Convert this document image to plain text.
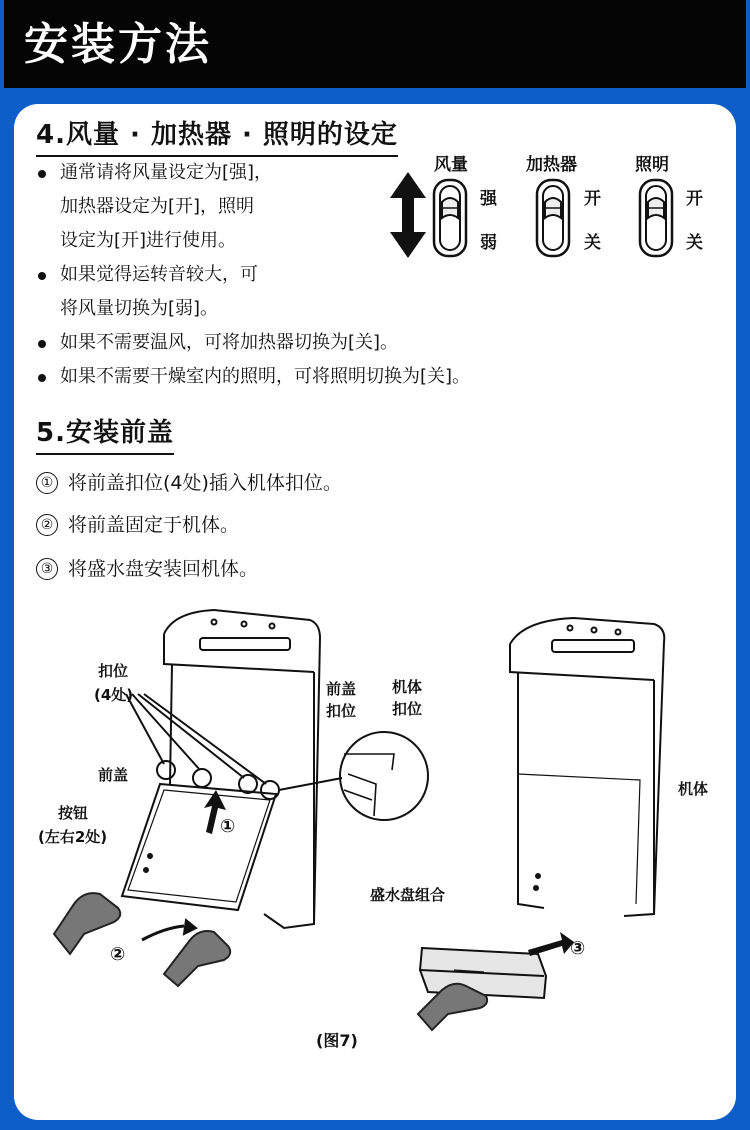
安装方法
4.风量 · 加热器 · 照明的设定
通常请将风量设定为[强]，
加热器设定为[开]，照明
设定为[开]进行使用。
如果觉得运转音较大，可
将风量切换为[弱]。
如果不需要温风，可将加热器切换为[关]。
如果不需要干燥室内的照明，可将照明切换为[关]。
风量	加热器	照明
强
弱
开
关
开
关
5.安装前盖
① 将前盖扣位(4处)插入机体扣位。
② 将前盖固定于机体。
③ 将盛水盘安装回机体。
扣位
(4处)
前盖
按钮
(左右2处)
前盖
扣位
机体
扣位
机体
盛水盘组合
①
②	③
(图7)
